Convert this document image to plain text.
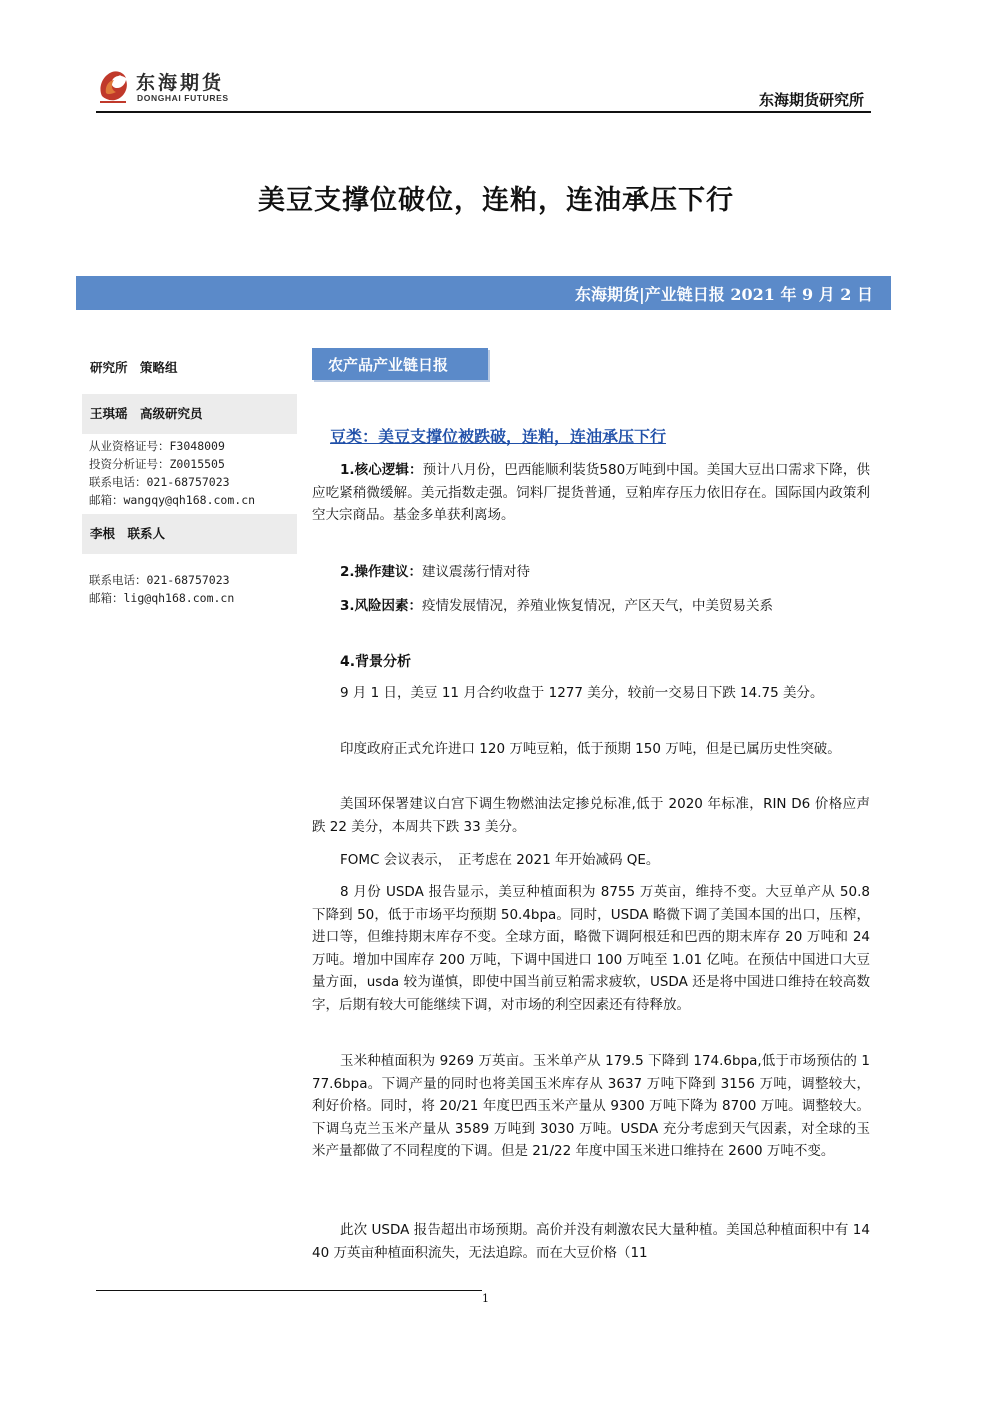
东海期货
DONGHAI FUTURES	东海期货研究所
美豆支撑位破位，连粕，连油承压下行
东海期货|产业链日报 2021 年 9 月 2 日
研究所　策略组
王琪瑶　高级研究员
从业资格证号：F3048009
投资分析证号：Z0015505
联系电话：021-68757023
邮箱：wangqy@qh168.com.cn
李根　联系人
联系电话：021-68757023
邮箱：lig@qh168.com.cn
农产品产业链日报
豆类：美豆支撑位被跌破，连粕，连油承压下行
1.核心逻辑：预计八月份，巴西能顺利装货580万吨到中国。美国大豆出口需求下降，供应吃紧稍微缓解。美元指数走强。饲料厂提货普通，豆粕库存压力依旧存在。国际国内政策利空大宗商品。基金多单获利离场。
2.操作建议：建议震荡行情对待
3.风险因素：疫情发展情况，养殖业恢复情况，产区天气，中美贸易关系
4.背景分析
9 月 1 日，美豆 11 月合约收盘于 1277 美分，较前一交易日下跌 14.75 美分。
印度政府正式允许进口 120 万吨豆粕，低于预期 150 万吨，但是已属历史性突破。
美国环保署建议白宫下调生物燃油法定掺兑标准,低于 2020 年标准，RIN D6 价格应声跌 22 美分，本周共下跌 33 美分。
FOMC 会议表示，　正考虑在 2021 年开始减码 QE。
8 月份 USDA 报告显示，美豆种植面积为 8755 万英亩，维持不变。大豆单产从 50.8 下降到 50，低于市场平均预期 50.4bpa。同时，USDA 略微下调了美国本国的出口，压榨，进口等，但维持期末库存不变。全球方面，略微下调阿根廷和巴西的期末库存 20 万吨和 24 万吨。增加中国库存 200 万吨，下调中国进口 100 万吨至 1.01 亿吨。在预估中国进口大豆量方面，usda 较为谨慎，即使中国当前豆粕需求疲软，USDA 还是将中国进口维持在较高数字，后期有较大可能继续下调，对市场的利空因素还有待释放。
玉米种植面积为 9269 万英亩。玉米单产从 179.5 下降到 174.6bpa,低于市场预估的 177.6bpa。下调产量的同时也将美国玉米库存从 3637 万吨下降到 3156 万吨，调整较大，利好价格。同时，将 20/21 年度巴西玉米产量从 9300 万吨下降为 8700 万吨。调整较大。下调乌克兰玉米产量从 3589 万吨到 3030 万吨。USDA 充分考虑到天气因素，对全球的玉米产量都做了不同程度的下调。但是 21/22 年度中国玉米进口维持在 2600 万吨不变。
此次 USDA 报告超出市场预期。高价并没有刺激农民大量种植。美国总种植面积中有 1440 万英亩种植面积流失，无法追踪。而在大豆价格（11
1
